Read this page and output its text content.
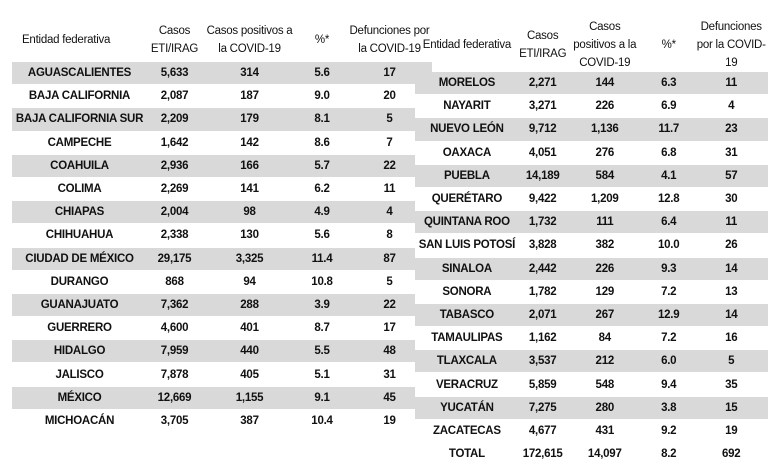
Entidad federativa	Casos ETI/IRAG	Casos positivos a la COVID-19	%*	Defunciones por la COVID-19
AGUASCALIENTES	5,633	314	5.6	17
BAJA CALIFORNIA	2,087	187	9.0	20
BAJA CALIFORNIA SUR	2,209	179	8.1	5
CAMPECHE	1,642	142	8.6	7
COAHUILA	2,936	166	5.7	22
COLIMA	2,269	141	6.2	11
CHIAPAS	2,004	98	4.9	4
CHIHUAHUA	2,338	130	5.6	8
CIUDAD DE MÉXICO	29,175	3,325	11.4	87
DURANGO	868	94	10.8	5
GUANAJUATO	7,362	288	3.9	22
GUERRERO	4,600	401	8.7	17
HIDALGO	7,959	440	5.5	48
JALISCO	7,878	405	5.1	31
MÉXICO	12,669	1,155	9.1	45
MICHOACÁN	3,705	387	10.4	19
Entidad federativa	Casos ETI/IRAG	Casos positivos a la COVID-19	%*	Defunciones por la COVID-19
MORELOS	2,271	144	6.3	11
NAYARIT	3,271	226	6.9	4
NUEVO LEÓN	9,712	1,136	11.7	23
OAXACA	4,051	276	6.8	31
PUEBLA	14,189	584	4.1	57
QUERÉTARO	9,422	1,209	12.8	30
QUINTANA ROO	1,732	111	6.4	11
SAN LUIS POTOSÍ	3,828	382	10.0	26
SINALOA	2,442	226	9.3	14
SONORA	1,782	129	7.2	13
TABASCO	2,071	267	12.9	14
TAMAULIPAS	1,162	84	7.2	16
TLAXCALA	3,537	212	6.0	5
VERACRUZ	5,859	548	9.4	35
YUCATÁN	7,275	280	3.8	15
ZACATECAS	4,677	431	9.2	19
TOTAL	172,615	14,097	8.2	692
